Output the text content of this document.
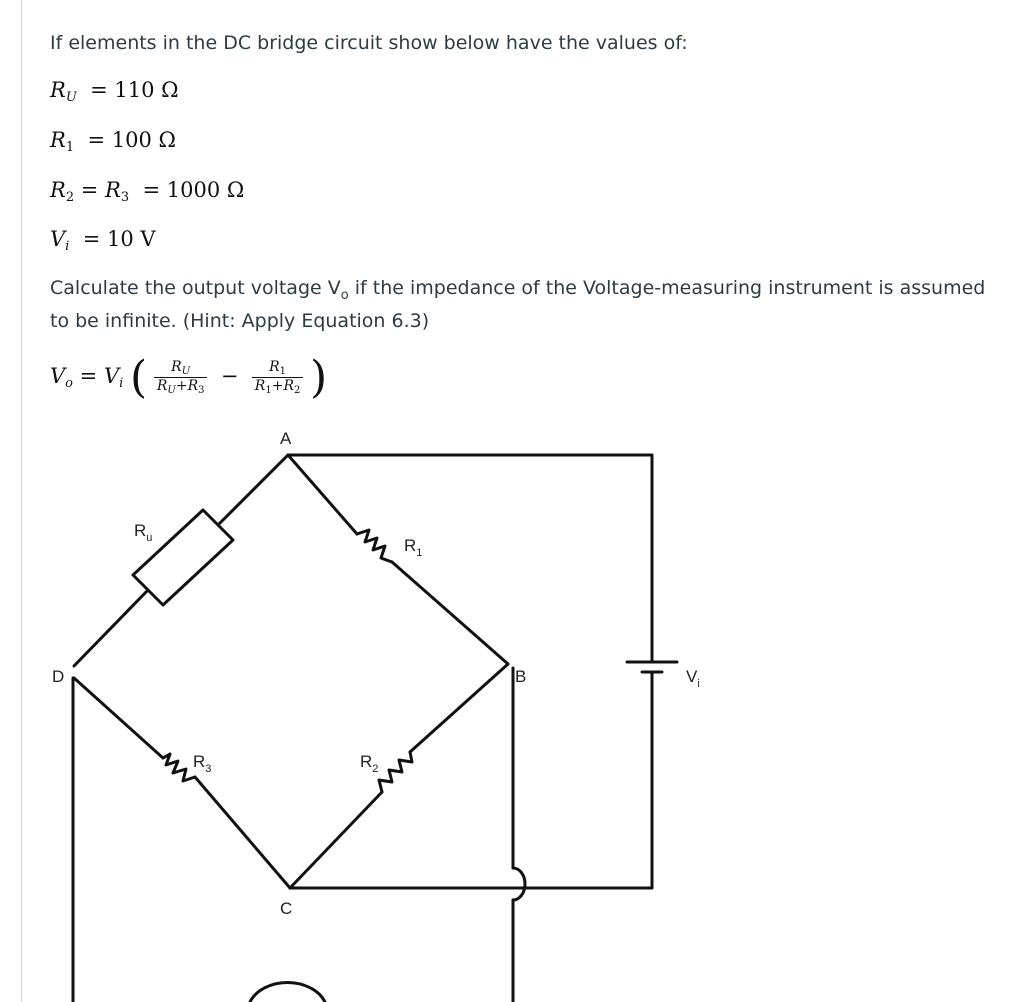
If elements in the DC bridge circuit show below have the values of:
$R_U = 110$ Ω
$R_1 = 100$ Ω
$R_2 = R_3 = 1000$ Ω
$V_i = 10$ V
Calculate the output voltage $V_o$ if the impedance of the Voltage-measuring instrument is assumed
to be infinite. (Hint: Apply Equation 6.3)
$V_o = V_i$ ( $\frac{R_U}{R_U+R_3} - \frac{R_1}{R_1+R_2}$ )
A
B
C
D
$R_u$	$R_1$
$R_2$
$R_3$
$V_i$
